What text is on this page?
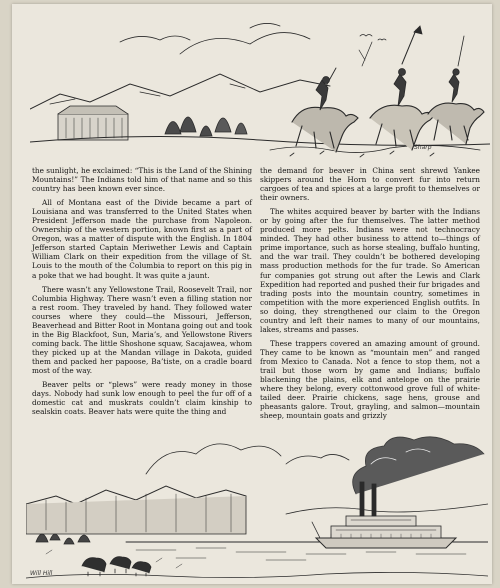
Sharp

the sunlight, he exclaimed: “This is the Land of the Shining Mountains!” The Indians told him of that name and so this country has been known ever since.

All of Montana east of the Divide became a part of Louisiana and was transferred to the United States when President Jefferson made the purchase from Napoleon. Ownership of the western portion, known first as a part of Oregon, was a matter of dispute with the English. In 1804 Jefferson started Captain Meriwether Lewis and Captain William Clark on their expedition from the village of St. Louis to the mouth of the Columbia to report on this pig in a poke that we had bought. It was quite a jaunt.

There wasn’t any Yellowstone Trail, Roosevelt Trail, nor Columbia Highway. There wasn’t even a filling station nor a rest room. They traveled by hand. They followed water courses where they could—the Missouri, Jefferson, Beaverhead and Bitter Root in Montana going out and took in the Big Blackfoot, Sun, Maria’s, and Yellowstone Rivers coming back. The little Shoshone squaw, Sacajawea, whom they picked up at the Mandan village in Dakota, guided them and packed her papoose, Ba’tiste, on a cradle board most of the way.

Beaver pelts or “plews” were ready money in those days. Nobody had sunk low enough to peel the fur off of a domestic cat and muskrats couldn’t claim kinship to sealskin coats. Beaver hats were quite the thing and

the demand for beaver in China sent shrewd Yankee skippers around the Horn to convert fur into return cargoes of tea and spices at a large profit to themselves or their owners.

The whites acquired beaver by barter with the Indians or by going after the fur themselves. The latter method produced more pelts. Indians were not technocracy minded. They had other business to attend to—things of prime importance, such as horse stealing, buffalo hunting, and the war trail. They couldn’t be bothered developing mass production methods for the fur trade. So American fur companies got strung out after the Lewis and Clark Expedition had reported and pushed their fur brigades and trading posts into the mountain country, sometimes in competition with the more experienced English outfits. In so doing, they strengthened our claim to the Oregon country and left their names to many of our mountains, lakes, streams and passes.

These trappers covered an amazing amount of ground. They came to be known as “mountain men” and ranged from Mexico to Canada. Not a fence to stop them, not a trail but those worn by game and Indians; buffalo blackening the plains, elk and antelope on the prairie where they belong, every cottonwood grove full of white-tailed deer. Prairie chickens, sage hens, grouse and pheasants galore. Trout, grayling, and salmon—mountain sheep, mountain goats and grizzly

Will Hill
